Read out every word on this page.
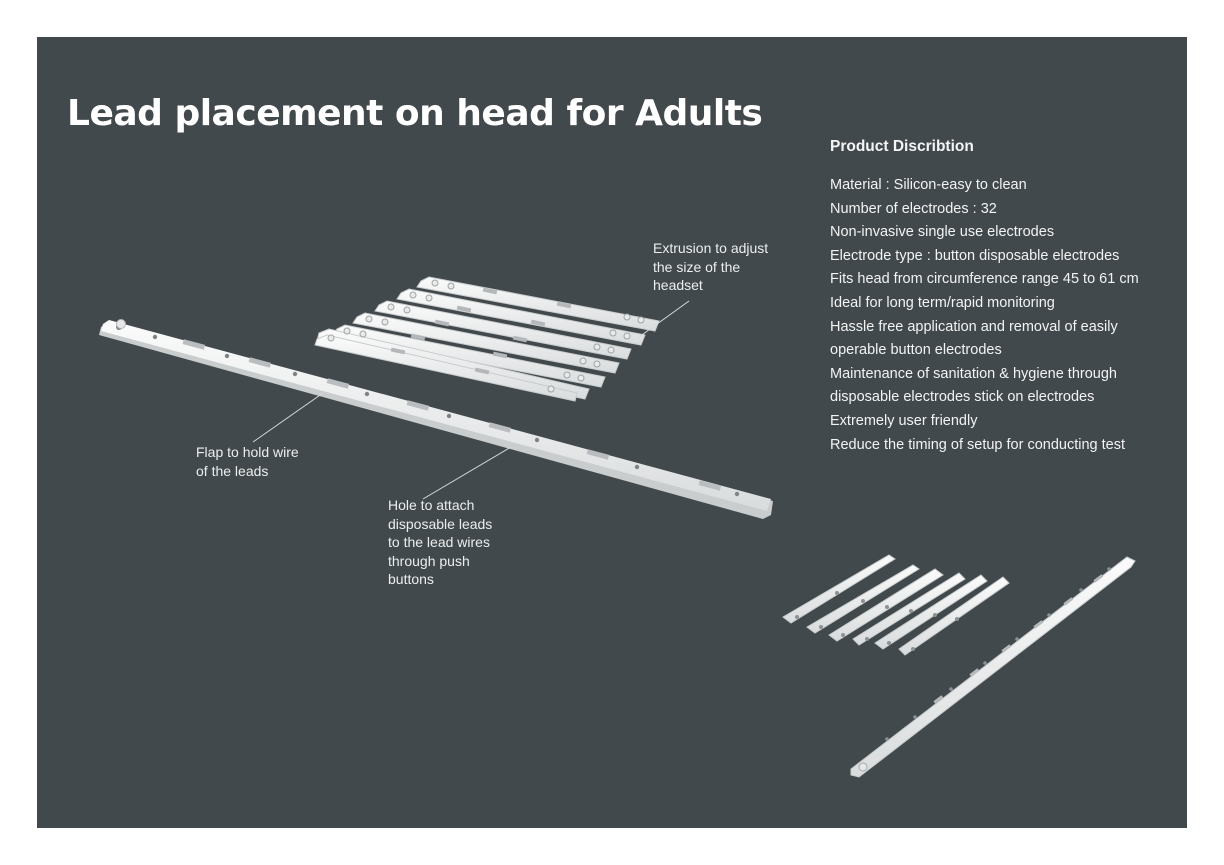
Lead placement on head for Adults
Product Discribtion
Material : Silicon-easy to clean
Number of electrodes : 32
Non-invasive single use electrodes
Electrode type : button disposable electrodes
Fits head from circumference range 45 to 61 cm
Ideal for long term/rapid monitoring
Hassle free application and removal of easily
operable button electrodes
Maintenance of sanitation & hygiene through
disposable electrodes stick on electrodes
Extremely user friendly
Reduce the timing of setup for conducting test
Extrusion to adjust
the size of the
headset
Flap to hold wire
of the leads
Hole to attach
disposable leads
to the lead wires
through push
buttons
